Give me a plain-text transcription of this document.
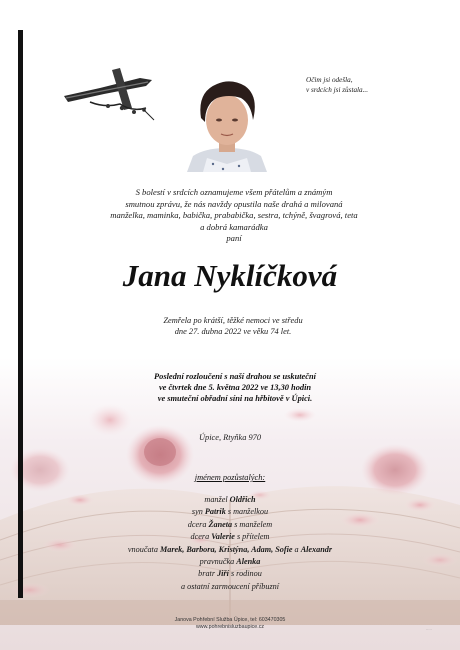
Očim jsi odešla,
v srdcích jsi zůstala...
S bolestí v srdcích oznamujeme všem přátelům a známým
smutnou zprávu, že nás navždy opustila naše drahá a milovaná
manželka, maminka, babička, prababička, sestra, tchýně, švagrová, teta
a dobrá kamarádka
paní
Jana Nyklíčková
Zemřela po krátší, těžké nemoci ve středu
dne 27. dubna 2022 ve věku 74 let.
Poslední rozloučení s naší drahou se uskuteční
ve čtvrtek dne 5. května 2022 ve 13,30 hodin
ve smuteční obřadní síni na hřbitově v Úpici.
Úpice, Rtyňka 970
jménem pozůstalých:
manžel Oldřich
syn Patrik s manželkou
dcera Žaneta s manželem
dcera Valerie s přítelem
vnoučata Marek, Barbora, Kristýna, Adam, Sofie a Alexandr
pravnučka Alenka
bratr Jiří s rodinou
a ostatní zarmoucení příbuzní
Janova Pohřební Služba Úpice, tel: 603470305
www.pohrebnisluzbaupice.cz	·····
